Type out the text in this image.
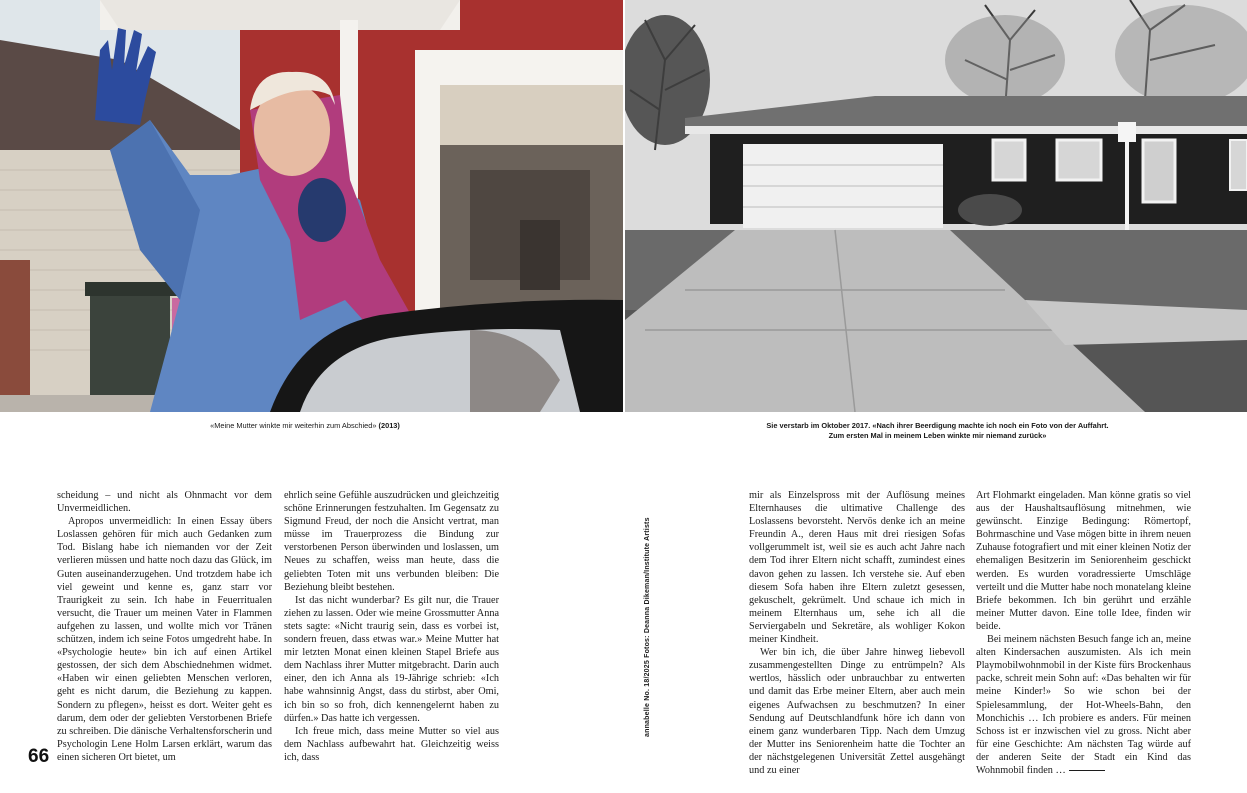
«Meine Mutter winkte mir weiterhin zum Abschied» (2013)	Sie verstarb im Oktober 2017. «Nach ihrer Beerdigung machte ich noch ein Foto von der Auffahrt.
Zum ersten Mal in meinem Leben winkte mir niemand zurück»

scheidung – und nicht als Ohnmacht vor dem Unvermeidlichen.

Apropos unvermeidlich: In einen Essay übers Loslassen gehören für mich auch Gedanken zum Tod. Bislang habe ich niemanden vor der Zeit verlieren müssen und hatte noch dazu das Glück, im Guten auseinanderzugehen. Und trotzdem habe ich viel geweint und kenne es, ganz starr vor Traurigkeit zu sein. Ich habe in Feuerritualen versucht, die Trauer um meinen Vater in Flammen aufgehen zu lassen, und wollte mich vor Tränen schützen, indem ich seine Fotos umgedreht habe. In «Psychologie heute» bin ich auf einen Artikel gestossen, der sich dem Abschiednehmen widmet. «Haben wir einen geliebten Menschen verloren, geht es nicht darum, die Beziehung zu kappen. Sondern zu pflegen», heisst es dort. Weiter geht es darum, dem oder der geliebten Verstorbenen Briefe zu schreiben. Die dänische Verhaltensforscherin und Psychologin Lene Holm Larsen erklärt, warum das einen sicheren Ort bietet, um

ehrlich seine Gefühle auszudrücken und gleichzeitig schöne Erinnerungen festzuhalten. Im Gegensatz zu Sigmund Freud, der noch die Ansicht vertrat, man müsse im Trauerprozess die Bindung zur verstorbenen Person überwinden und loslassen, um Neues zu schaffen, weiss man heute, dass die geliebten Toten mit uns verbunden bleiben: Die Beziehung bleibt bestehen.

Ist das nicht wunderbar? Es gilt nur, die Trauer ziehen zu lassen. Oder wie meine Grossmutter Anna stets sagte: «Nicht traurig sein, dass es vorbei ist, sondern freuen, dass etwas war.» Meine Mutter hat mir letzten Monat einen kleinen Stapel Briefe aus dem Nachlass ihrer Mutter mitgebracht. Darin auch einer, den ich Anna als 19-Jährige schrieb: «Ich habe wahnsinnig Angst, dass du stirbst, aber Omi, ich bin so so froh, dich kennengelernt haben zu dürfen.» Das hatte ich vergessen.

Ich freue mich, dass meine Mutter so viel aus dem Nachlass aufbewahrt hat. Gleichzeitig weiss ich, dass

mir als Einzelspross mit der Auflösung meines Elternhauses die ultimative Challenge des Loslassens bevorsteht. Nervös denke ich an meine Freundin A., deren Haus mit drei riesigen Sofas vollgerummelt ist, weil sie es auch acht Jahre nach dem Tod ihrer Eltern nicht schafft, zumindest eines davon gehen zu lassen. Ich verstehe sie. Auf eben diesem Sofa haben ihre Eltern zuletzt gesessen, gekuschelt, gekrümelt. Und schaue ich mich in meinem Elternhaus um, sehe ich all die Serviergabeln und Sekretäre, als wohliger Kokon meiner Kindheit.

Wer bin ich, die über Jahre hinweg liebevoll zusammengestellten Dinge zu entrümpeln? Als wertlos, hässlich oder unbrauchbar zu entwerten und damit das Erbe meiner Eltern, aber auch mein eigenes Aufwachsen zu beschmutzen? In einer Sendung auf Deutschlandfunk höre ich dann von einem ganz wunderbaren Tipp. Nach dem Umzug der Mutter ins Seniorenheim hatte die Tochter an der nächstgelegenen Universität Zettel ausgehängt und zu einer

Art Flohmarkt eingeladen. Man könne gratis so viel aus der Haushaltsauflösung mitnehmen, wie gewünscht. Einzige Bedingung: Römertopf, Bohrmaschine und Vase mögen bitte in ihrem neuen Zuhause fotografiert und mit einer kleinen Notiz der ehemaligen Besitzerin im Seniorenheim geschickt werden. Es wurden voradressierte Umschläge verteilt und die Mutter habe noch monatelang kleine Briefe bekommen. Ich bin gerührt und erzähle meiner Mutter davon. Eine tolle Idee, finden wir beide.

Bei meinem nächsten Besuch fange ich an, meine alten Kindersachen auszumisten. Als ich mein Playmobilwohnmobil in der Kiste fürs Brockenhaus packe, schreit mein Sohn auf: «Das behalten wir für meine Kinder!» So wie schon bei der Spielesammlung, der Hot-Wheels-Bahn, den Monchichis … Ich probiere es anders. Für meinen Schoss ist er inzwischen viel zu gross. Nicht aber für eine Geschichte: Am nächsten Tag würde auf der anderen Seite der Stadt ein Kind das Wohnmobil finden …

annabelle No. 18/2025 Fotos: Deanna Dikeman/Institute Artists
66
